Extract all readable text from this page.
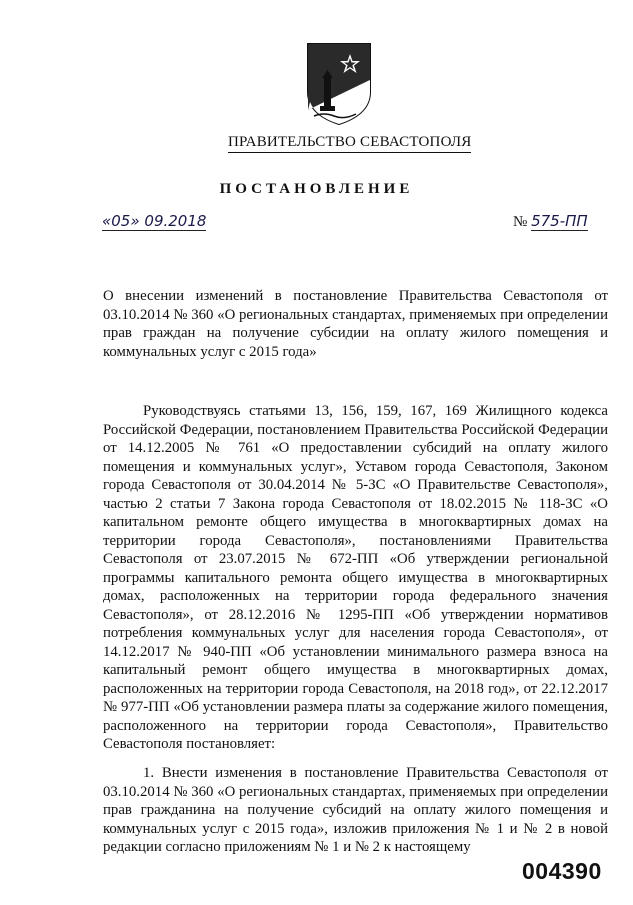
ПРАВИТЕЛЬСТВО СЕВАСТОПОЛЯ
ПОСТАНОВЛЕНИЕ
«05» 09.2018	№ 575-ПП
О внесении изменений в постановление Правительства Севастополя от 03.10.2014 № 360 «О региональных стандартах, применяемых при определении прав граждан на получение субсидии на оплату жилого помещения и коммунальных услуг с 2015 года»
Руководствуясь статьями 13, 156, 159, 167, 169 Жилищного кодекса Российской Федерации, постановлением Правительства Российской Федерации от 14.12.2005 № 761 «О предоставлении субсидий на оплату жилого помещения и коммунальных услуг», Уставом города Севастополя, Законом города Севастополя от 30.04.2014 № 5-ЗС «О Правительстве Севастополя», частью 2 статьи 7 Закона города Севастополя от 18.02.2015 № 118-ЗС «О капитальном ремонте общего имущества в многоквартирных домах на территории города Севастополя», постановлениями Правительства Севастополя от 23.07.2015 № 672-ПП «Об утверждении региональной программы капитального ремонта общего имущества в многоквартирных домах, расположенных на территории города федерального значения Севастополя», от 28.12.2016 № 1295-ПП «Об утверждении нормативов потребления коммунальных услуг для населения города Севастополя», от 14.12.2017 № 940-ПП «Об установлении минимального размера взноса на капитальный ремонт общего имущества в многоквартирных домах, расположенных на территории города Севастополя, на 2018 год», от 22.12.2017 № 977-ПП «Об установлении размера платы за содержание жилого помещения, расположенного на территории города Севастополя», Правительство Севастополя постановляет:
1. Внести изменения в постановление Правительства Севастополя от 03.10.2014 № 360 «О региональных стандартах, применяемых при определении прав гражданина на получение субсидий на оплату жилого помещения и коммунальных услуг с 2015 года», изложив приложения № 1 и № 2 в новой редакции согласно приложениям № 1 и № 2 к настоящему
004390
